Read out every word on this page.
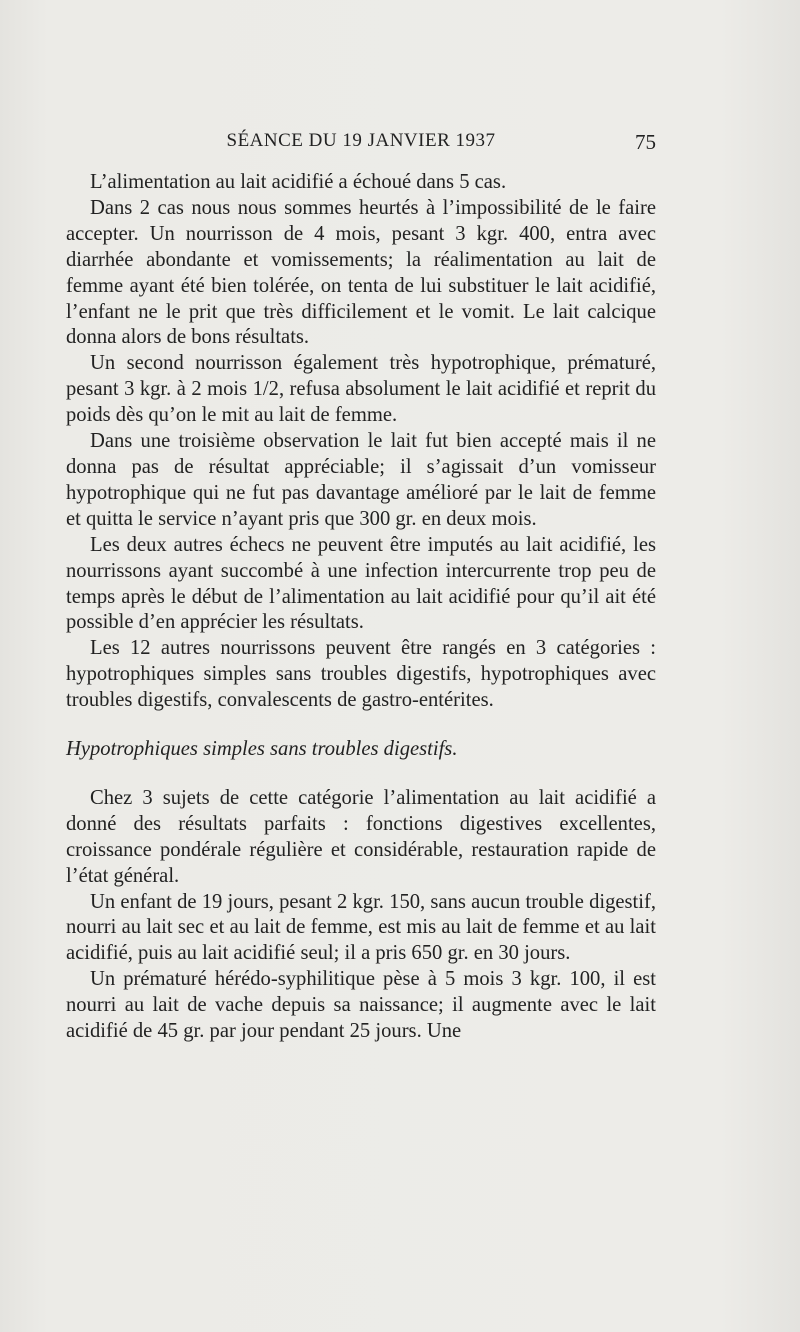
SÉANCE DU 19 JANVIER 1937	75

L’alimentation au lait acidifié a échoué dans 5 cas.

Dans 2 cas nous nous sommes heurtés à l’impossibilité de le faire accepter. Un nourrisson de 4 mois, pesant 3 kgr. 400, entra avec diarrhée abondante et vomissements; la réalimentation au lait de femme ayant été bien tolérée, on tenta de lui substituer le lait acidifié, l’enfant ne le prit que très difficilement et le vomit. Le lait calcique donna alors de bons résultats.

Un second nourrisson également très hypotrophique, prématuré, pesant 3 kgr. à 2 mois 1/2, refusa absolument le lait acidifié et reprit du poids dès qu’on le mit au lait de femme.

Dans une troisième observation le lait fut bien accepté mais il ne donna pas de résultat appréciable; il s’agissait d’un vomisseur hypotrophique qui ne fut pas davantage amélioré par le lait de femme et quitta le service n’ayant pris que 300 gr. en deux mois.

Les deux autres échecs ne peuvent être imputés au lait acidifié, les nourrissons ayant succombé à une infection intercurrente trop peu de temps après le début de l’alimentation au lait acidifié pour qu’il ait été possible d’en apprécier les résultats.

Les 12 autres nourrissons peuvent être rangés en 3 catégories : hypotrophiques simples sans troubles digestifs, hypotrophiques avec troubles digestifs, convalescents de gastro-entérites.

Hypotrophiques simples sans troubles digestifs.

Chez 3 sujets de cette catégorie l’alimentation au lait acidifié a donné des résultats parfaits : fonctions digestives excellentes, croissance pondérale régulière et considérable, restauration rapide de l’état général.

Un enfant de 19 jours, pesant 2 kgr. 150, sans aucun trouble digestif, nourri au lait sec et au lait de femme, est mis au lait de femme et au lait acidifié, puis au lait acidifié seul; il a pris 650 gr. en 30 jours.

Un prématuré hérédo-syphilitique pèse à 5 mois 3 kgr. 100, il est nourri au lait de vache depuis sa naissance; il augmente avec le lait acidifié de 45 gr. par jour pendant 25 jours. Une
